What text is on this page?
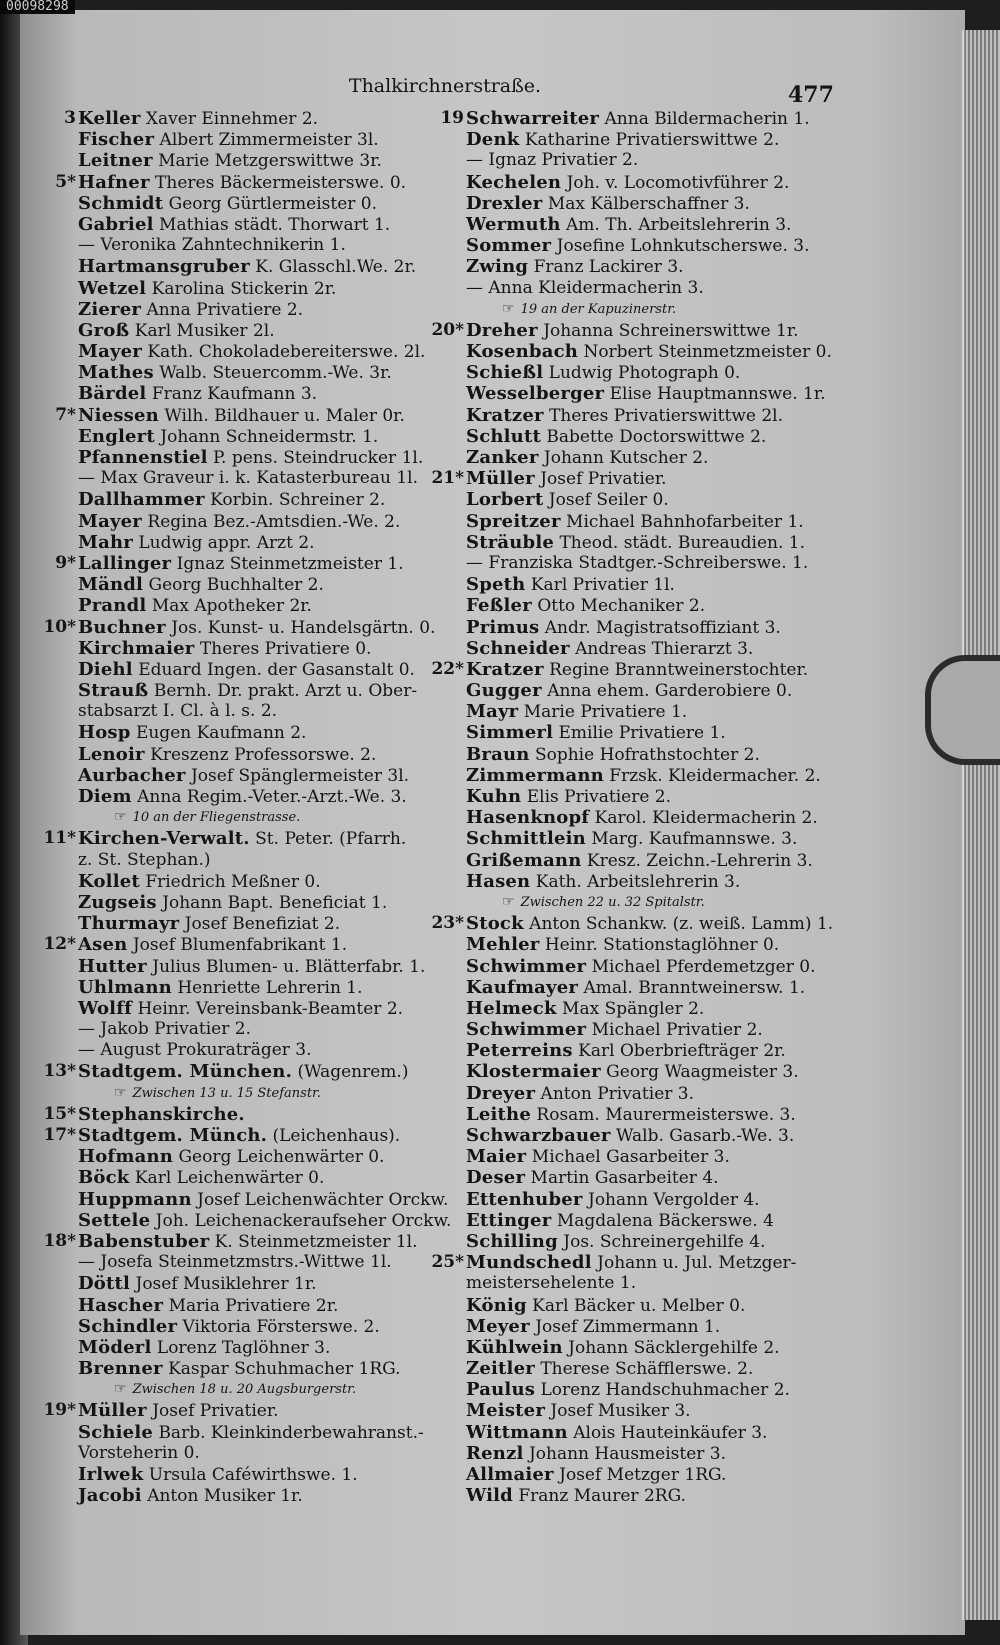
Thalkirchnerstraße.	477
3 Keller Xaver Einnehmer 2.
Fischer Albert Zimmermeister 3l.
Leitner Marie Metzgerswittwe 3r.
5* Hafner Theres Bäckermeisterswe. 0.
Schmidt Georg Gürtlermeister 0.
Gabriel Mathias städt. Thorwart 1.
— Veronika Zahntechnikerin 1.
Hartmansgruber K. Glasschl.We. 2r.
Wetzel Karolina Stickerin 2r.
Zierer Anna Privatiere 2.
Groß Karl Musiker 2l.
Mayer Kath. Chokoladebereiterswe. 2l.
Mathes Walb. Steuercomm.-We. 3r.
Bärdel Franz Kaufmann 3.
7* Niessen Wilh. Bildhauer u. Maler 0r.
Englert Johann Schneidermstr. 1.
Pfannenstiel P. pens. Steindrucker 1l.
— Max Graveur i. k. Katasterbureau 1l.
Dallhammer Korbin. Schreiner 2.
Mayer Regina Bez.-Amtsdien.-We. 2.
Mahr Ludwig appr. Arzt 2.
9* Lallinger Ignaz Steinmetzmeister 1.
Mändl Georg Buchhalter 2.
Prandl Max Apotheker 2r.
10* Buchner Jos. Kunst- u. Handelsgärtn. 0.
Kirchmaier Theres Privatiere 0.
Diehl Eduard Ingen. der Gasanstalt 0.
Strauß Bernh. Dr. prakt. Arzt u. Ober-
stabsarzt I. Cl. à l. s. 2.
Hosp Eugen Kaufmann 2.
Lenoir Kreszenz Professorswe. 2.
Aurbacher Josef Spänglermeister 3l.
Diem Anna Regim.-Veter.-Arzt.-We. 3.
☞ 10 an der Fliegenstrasse.
11* Kirchen-Verwalt. St. Peter. (Pfarrh.
z. St. Stephan.)
Kollet Friedrich Meßner 0.
Zugseis Johann Bapt. Beneficiat 1.
Thurmayr Josef Benefiziat 2.
12* Asen Josef Blumenfabrikant 1.
Hutter Julius Blumen- u. Blätterfabr. 1.
Uhlmann Henriette Lehrerin 1.
Wolff Heinr. Vereinsbank-Beamter 2.
— Jakob Privatier 2.
— August Prokuraträger 3.
13* Stadtgem. München. (Wagenrem.)
☞ Zwischen 13 u. 15 Stefanstr.
15* Stephanskirche.
17* Stadtgem. Münch. (Leichenhaus).
Hofmann Georg Leichenwärter 0.
Böck Karl Leichenwärter 0.
Huppmann Josef Leichenwächter Orckw.
Settele Joh. Leichenackeraufseher Orckw.
18* Babenstuber K. Steinmetzmeister 1l.
— Josefa Steinmetzmstrs.-Wittwe 1l.
Döttl Josef Musiklehrer 1r.
Hascher Maria Privatiere 2r.
Schindler Viktoria Försterswe. 2.
Möderl Lorenz Taglöhner 3.
Brenner Kaspar Schuhmacher 1RG.
☞ Zwischen 18 u. 20 Augsburgerstr.
19* Müller Josef Privatier.
Schiele Barb. Kleinkinderbewahranst.-
Vorsteherin 0.
Irlwek Ursula Caféwirthswe. 1.
Jacobi Anton Musiker 1r.
19 Schwarreiter Anna Bildermacherin 1.
Denk Katharine Privatierswittwe 2.
— Ignaz Privatier 2.
Kechelen Joh. v. Locomotivführer 2.
Drexler Max Kälberschaffner 3.
Wermuth Am. Th. Arbeitslehrerin 3.
Sommer Josefine Lohnkutscherswe. 3.
Zwing Franz Lackirer 3.
— Anna Kleidermacherin 3.
☞ 19 an der Kapuzinerstr.
20* Dreher Johanna Schreinerswittwe 1r.
Kosenbach Norbert Steinmetzmeister 0.
Schießl Ludwig Photograph 0.
Wesselberger Elise Hauptmannswe. 1r.
Kratzer Theres Privatierswittwe 2l.
Schlutt Babette Doctorswittwe 2.
Zanker Johann Kutscher 2.
21* Müller Josef Privatier.
Lorbert Josef Seiler 0.
Spreitzer Michael Bahnhofarbeiter 1.
Sträuble Theod. städt. Bureaudien. 1.
— Franziska Stadtger.-Schreiberswe. 1.
Speth Karl Privatier 1l.
Feßler Otto Mechaniker 2.
Primus Andr. Magistratsoffiziant 3.
Schneider Andreas Thierarzt 3.
22* Kratzer Regine Branntweinerstochter.
Gugger Anna ehem. Garderobiere 0.
Mayr Marie Privatiere 1.
Simmerl Emilie Privatiere 1.
Braun Sophie Hofrathstochter 2.
Zimmermann Frzsk. Kleidermacher. 2.
Kuhn Elis Privatiere 2.
Hasenknopf Karol. Kleidermacherin 2.
Schmittlein Marg. Kaufmannswe. 3.
Grißemann Kresz. Zeichn.-Lehrerin 3.
Hasen Kath. Arbeitslehrerin 3.
☞ Zwischen 22 u. 32 Spitalstr.
23* Stock Anton Schankw. (z. weiß. Lamm) 1.
Mehler Heinr. Stationstaglöhner 0.
Schwimmer Michael Pferdemetzger 0.
Kaufmayer Amal. Branntweinersw. 1.
Helmeck Max Spängler 2.
Schwimmer Michael Privatier 2.
Peterreins Karl Oberbriefträger 2r.
Klostermaier Georg Waagmeister 3.
Dreyer Anton Privatier 3.
Leithe Rosam. Maurermeisterswe. 3.
Schwarzbauer Walb. Gasarb.-We. 3.
Maier Michael Gasarbeiter 3.
Deser Martin Gasarbeiter 4.
Ettenhuber Johann Vergolder 4.
Ettinger Magdalena Bäckerswe. 4
Schilling Jos. Schreinergehilfe 4.
25* Mundschedl Johann u. Jul. Metzger-
meistersehelente 1.
König Karl Bäcker u. Melber 0.
Meyer Josef Zimmermann 1.
Kühlwein Johann Säcklergehilfe 2.
Zeitler Therese Schäfflerswe. 2.
Paulus Lorenz Handschuhmacher 2.
Meister Josef Musiker 3.
Wittmann Alois Hauteinkäufer 3.
Renzl Johann Hausmeister 3.
Allmaier Josef Metzger 1RG.
Wild Franz Maurer 2RG.
00098298
